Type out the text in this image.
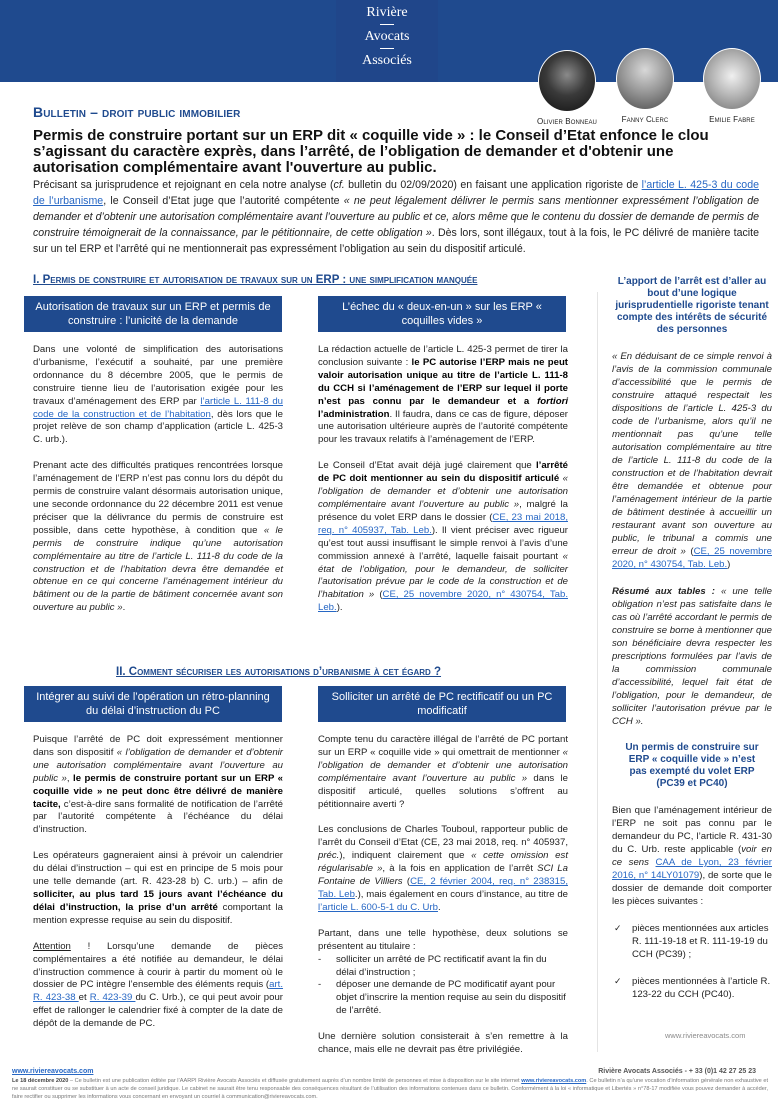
Rivière
Avocats
Associés
Olivier Bonneau	Fanny Clerc	Emilie Fabre
Bulletin – droit public immobilier
Permis de construire portant sur un ERP dit « coquille vide » : le Conseil d’Etat enfonce le clou s’agissant du caractère exprès, dans l’arrêté, de l’obligation de demander et d'obtenir une autorisation complémentaire avant l'ouverture au public.
Précisant sa jurisprudence et rejoignant en cela notre analyse (cf. bulletin du 02/09/2020) en faisant une application rigoriste de l’article L. 425-3 du code de l’urbanisme, le Conseil d’Etat juge que l’autorité compétente « ne peut légalement délivrer le permis sans mentionner expressément l’obligation de demander et d’obtenir une autorisation complémentaire avant l’ouverture au public et ce, alors même que le contenu du dossier de demande de permis de construire témoignerait de la connaissance, par le pétitionnaire, de cette obligation ». Dès lors, sont illégaux, tout à la fois, le PC délivré de manière tacite sur un tel ERP et l’arrêté qui ne mentionnerait pas expressément l’obligation au sein du dispositif articulé.
I. Permis de construire et autorisation de travaux sur un ERP : une simplification manquée
Autorisation de travaux sur un ERP et permis de construire : l’unicité de la demande
L’échec du « deux-en-un » sur les ERP « coquilles vides »

Dans une volonté de simplification des autorisations d’urbanisme, l’exécutif a souhaité, par une première ordonnance du 8 décembre 2005, que le permis de construire tienne lieu de l’autorisation exigée pour les travaux d’aménagement des ERP par l’article L. 111-8 du code de la construction et de l’habitation, dès lors que le projet relève de son champ d’application (article L. 425-3 C. urb.).

Prenant acte des difficultés pratiques rencontrées lorsque l’aménagement de l’ERP n’est pas connu lors du dépôt du permis de construire valant désormais autorisation unique, une seconde ordonnance du 22 décembre 2011 est venue préciser que la délivrance du permis de construire est possible, dans cette hypothèse, à condition que « le permis de construire indique qu’une autorisation complémentaire au titre de l’article L. 111-8 du code de la construction et de l’habitation devra être demandée et obtenue en ce qui concerne l’aménagement intérieur du bâtiment ou de la partie de bâtiment concernée avant son ouverture au public ».

La rédaction actuelle de l’article L. 425-3 permet de tirer la conclusion suivante : le PC autorise l’ERP mais ne peut valoir autorisation unique au titre de l’article L. 111-8 du CCH si l’aménagement de l’ERP sur lequel il porte n’est pas connu par le demandeur et a fortiori l’administration. Il faudra, dans ce cas de figure, déposer une autorisation ultérieure auprès de l’autorité compétente pour les travaux relatifs à l’aménagement de l’ERP.

Le Conseil d’Etat avait déjà jugé clairement que l’arrêté de PC doit mentionner au sein du dispositif articulé « l’obligation de demander et d’obtenir une autorisation complémentaire avant l’ouverture au public », malgré la présence du volet ERP dans le dossier (CE, 23 mai 2018, req. n° 405937, Tab. Leb.). Il vient préciser avec rigueur qu’est tout aussi insuffisant le simple renvoi à l’avis d’une commission annexé à l’arrêté, laquelle faisait pourtant « état de l’obligation, pour le demandeur, de solliciter l’autorisation prévue par le code de la construction et de l’habitation » (CE, 25 novembre 2020, n° 430754, Tab. Leb.).

II. Comment sécuriser les autorisations d’urbanisme à cet égard ?
Intégrer au suivi de l’opération un rétro-planning du délai d’instruction du PC
Solliciter un arrêté de PC rectificatif ou un PC modificatif

Puisque l’arrêté de PC doit expressément mentionner dans son dispositif « l’obligation de demander et d’obtenir une autorisation complémentaire avant l’ouverture au public », le permis de construire portant sur un ERP « coquille vide » ne peut donc être délivré de manière tacite, c’est-à-dire sans formalité de notification de l’arrêté par l’autorité compétente à l’échéance du délai d’instruction.

Les opérateurs gagneraient ainsi à prévoir un calendrier du délai d’instruction – qui est en principe de 5 mois pour une telle demande (art. R. 423-28 b) C. urb.) – afin de solliciter, au plus tard 15 jours avant l’échéance du délai d’instruction, la prise d’un arrêté comportant la mention expresse requise au sein du dispositif.

Attention ! Lorsqu’une demande de pièces complémentaires a été notifiée au demandeur, le délai d’instruction commence à courir à partir du moment où le dossier de PC intègre l’ensemble des éléments requis (art. R. 423-38 et R. 423-39 du C. Urb.), ce qui peut avoir pour effet de rallonger le calendrier fixé à compter de la date de dépôt de la demande de PC.

Compte tenu du caractère illégal de l’arrêté de PC portant sur un ERP « coquille vide » qui omettrait de mentionner « l’obligation de demander et d’obtenir une autorisation complémentaire avant l’ouverture au public » dans le dispositif articulé, quelles solutions s’offrent au pétitionnaire averti ?

Les conclusions de Charles Touboul, rapporteur public de l’arrêt du Conseil d’Etat (CE, 23 mai 2018, req. n° 405937, préc.), indiquent clairement que « cette omission est régularisable », à la fois en application de l’arrêt SCI La Fontaine de Villiers (CE, 2 février 2004, req. n° 238315, Tab. Leb.), mais également en cours d’instance, au titre de l’article L. 600-5-1 du C. Urb.

Partant, dans une telle hypothèse, deux solutions se présentent au titulaire :

- solliciter un arrêté de PC rectificatif avant la fin du délai d’instruction ;
- déposer une demande de PC modificatif ayant pour objet d’inscrire la mention requise au sein du dispositif de l’arrêté.

Une dernière solution consisterait à s’en remettre à la chance, mais elle ne devrait pas être privilégiée.

L’apport de l’arrêt est d’aller au bout d’une logique jurisprudentielle rigoriste tenant compte des intérêts de sécurité des personnes
« En déduisant de ce simple renvoi à l’avis de la commission communale d’accessibilité que le permis de construire attaqué respectait les dispositions de l’article L. 425-3 du code de l’urbanisme, alors qu’il ne mentionnait pas qu’une telle autorisation complémentaire au titre de l’article L. 111-8 du code de la construction et de l’habitation devrait être demandée et obtenue pour l’aménagement intérieur de la partie de bâtiment destinée à accueillir un restaurant avant son ouverture au public, le tribunal a commis une erreur de droit » (CE, 25 novembre 2020, n° 430754, Tab. Leb.)
Résumé aux tables : « une telle obligation n’est pas satisfaite dans le cas où l’arrêté accordant le permis de construire se borne à mentionner que son bénéficiaire devra respecter les prescriptions formulées par l’avis de la commission communale d’accessibilité, lequel fait état de l’obligation, pour le demandeur, de solliciter l’autorisation prévue par le CCH ».
Un permis de construire sur ERP « coquille vide » n’est pas exempté du volet ERP (PC39 et PC40)
Bien que l’aménagement intérieur de l’ERP ne soit pas connu par le demandeur du PC, l’article R. 431-30 du C. Urb. reste applicable (voir en ce sens CAA de Lyon, 23 février 2016, n° 14LY01079), de sorte que le dossier de demande doit comporter les pièces suivantes :
✓ pièces mentionnées aux articles R. 111-19-18 et R. 111-19-19 du CCH (PC39) ;
✓ pièces mentionnées à l’article R. 123-22 du CCH (PC40).
www.riviereavocats.com
www.riviereavocats.com	Rivière Avocats Associés - + 33 (0)1 42 27 25 23
Le 18 décembre 2020 – Ce bulletin est une publication éditée par l’AARPI Rivière Avocats Associés et diffusée gratuitement auprès d’un nombre limité de personnes et mise à disposition sur le site internet www.riviereavocats.com. Ce bulletin n’a qu’une vocation d’information générale non exhaustive et ne saurait constituer ou se substituer à un acte de conseil juridique. Le cabinet ne saurait être tenu responsable des conséquences résultant de l’utilisation des informations contenues dans ce bulletin. Conformément à la loi « informatique et Libertés » n°78-17 modifiée vous pouvez demander à accéder, faire rectifier ou supprimer les informations vous concernant en envoyant un courriel à communication@riviereavocats.com.
